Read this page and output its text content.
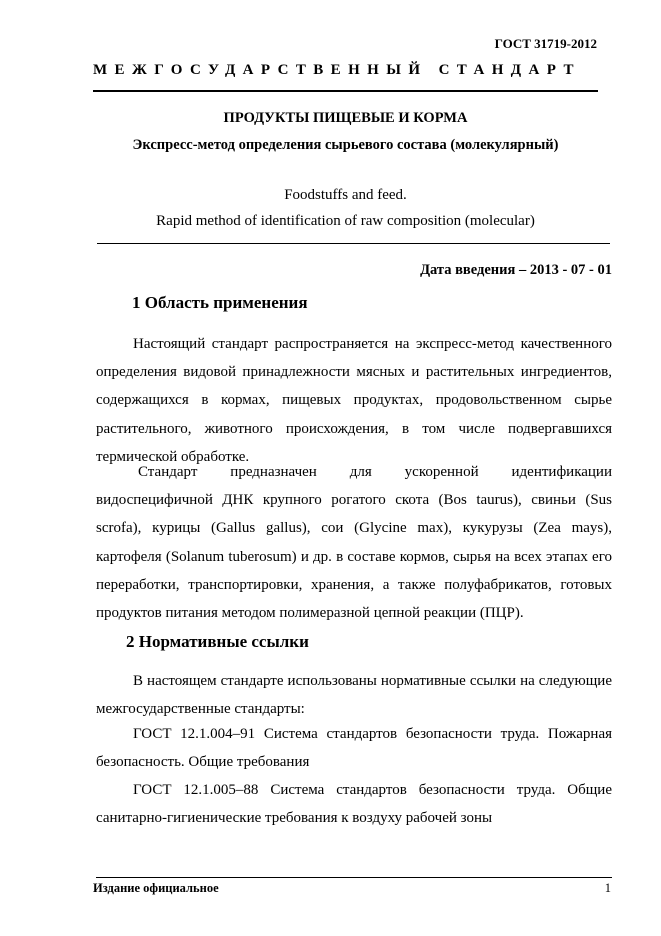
ГОСТ 31719-2012
МЕЖГОСУДАРСТВЕННЫЙ СТАНДАРТ
ПРОДУКТЫ ПИЩЕВЫЕ И КОРМА
Экспресс-метод определения сырьевого состава (молекулярный)
Foodstuffs and feed.
Rapid method of identification of raw composition (molecular)
Дата введения – 2013 - 07 - 01
1 Область применения
Настоящий стандарт распространяется на экспресс-метод качественного определения видовой принадлежности мясных и растительных ингредиентов, содержащихся в кормах, пищевых продуктах, продовольственном сырье растительного, животного происхождения, в том числе подвергавшихся термической обработке.
Стандарт предназначен для ускоренной идентификации видоспецифичной ДНК крупного рогатого скота (Bos taurus), свиньи (Sus scrofa), курицы (Gallus gallus), сои (Glycine max), кукурузы (Zea mays), картофеля (Solanum tuberosum) и др. в составе кормов, сырья на всех этапах его переработки, транспортировки, хранения, а также полуфабрикатов, готовых продуктов питания методом полимеразной цепной реакции (ПЦР).
2 Нормативные ссылки
В настоящем стандарте использованы нормативные ссылки на следующие межгосударственные стандарты:
ГОСТ 12.1.004–91 Система стандартов безопасности труда. Пожарная безопасность. Общие требования
ГОСТ 12.1.005–88 Система стандартов безопасности труда. Общие санитарно-гигиенические требования к воздуху рабочей зоны
Издание официальное	1
